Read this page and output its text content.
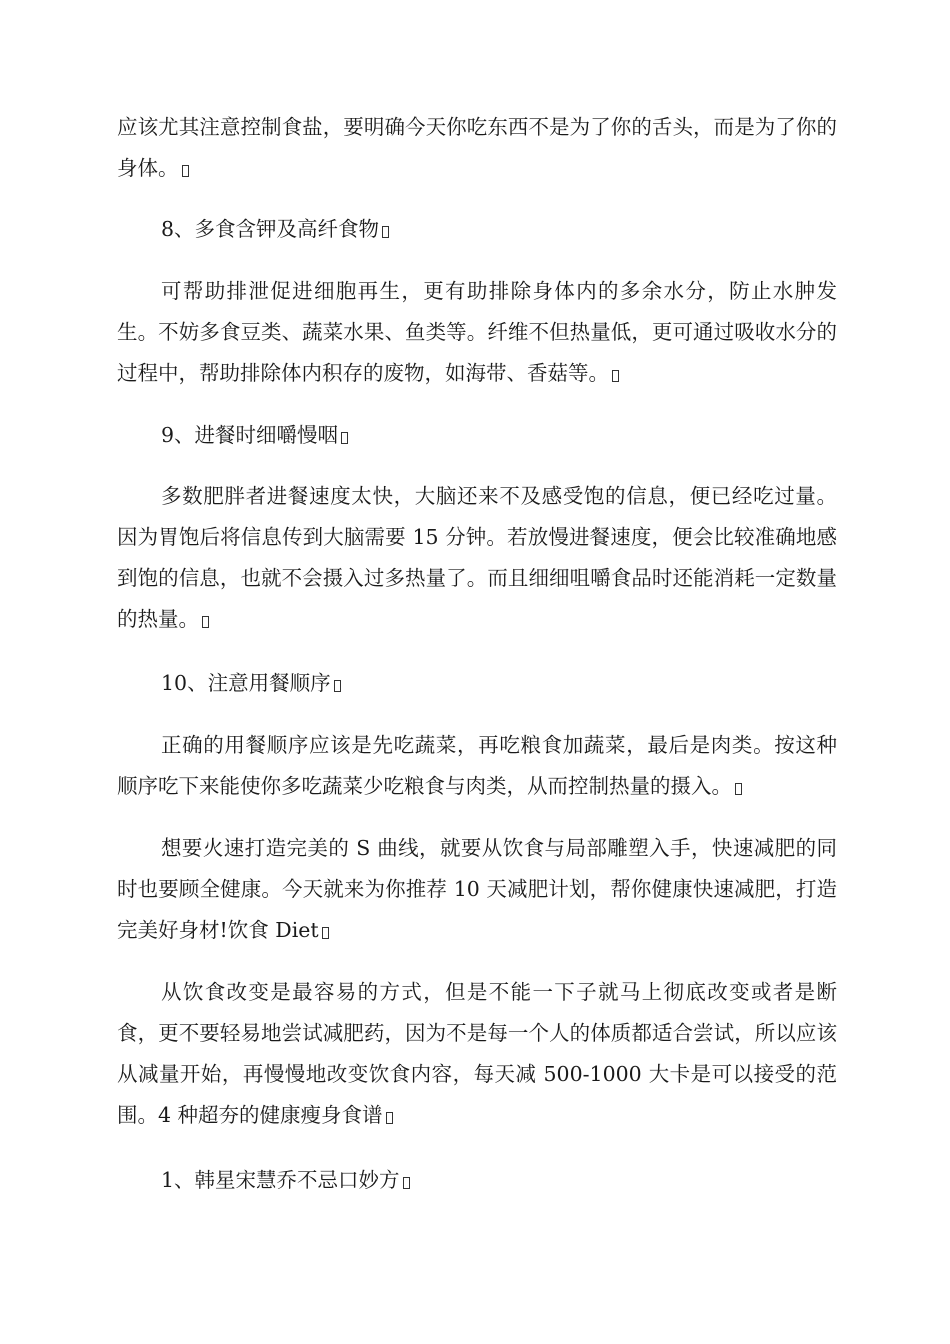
应该尤其注意控制食盐，要明确今天你吃东西不是为了你的舌头，而是为了你的身体。

8、多食含钾及高纤食物

可帮助排泄促进细胞再生，更有助排除身体内的多余水分，防止水肿发生。不妨多食豆类、蔬菜水果、鱼类等。纤维不但热量低，更可通过吸收水分的过程中，帮助排除体内积存的废物，如海带、香菇等。

9、进餐时细嚼慢咽

多数肥胖者进餐速度太快，大脑还来不及感受饱的信息，便已经吃过量。因为胃饱后将信息传到大脑需要 15 分钟。若放慢进餐速度，便会比较准确地感到饱的信息，也就不会摄入过多热量了。而且细细咀嚼食品时还能消耗一定数量的热量。

10、注意用餐顺序

正确的用餐顺序应该是先吃蔬菜，再吃粮食加蔬菜，最后是肉类。按这种顺序吃下来能使你多吃蔬菜少吃粮食与肉类，从而控制热量的摄入。

想要火速打造完美的 S 曲线，就要从饮食与局部雕塑入手，快速减肥的同时也要顾全健康。今天就来为你推荐 10 天减肥计划，帮你健康快速减肥，打造完美好身材!饮食 Diet

从饮食改变是最容易的方式，但是不能一下子就马上彻底改变或者是断食，更不要轻易地尝试减肥药，因为不是每一个人的体质都适合尝试，所以应该从减量开始，再慢慢地改变饮食内容，每天减 500-1000 大卡是可以接受的范围。4 种超夯的健康瘦身食谱

1、韩星宋慧乔不忌口妙方
